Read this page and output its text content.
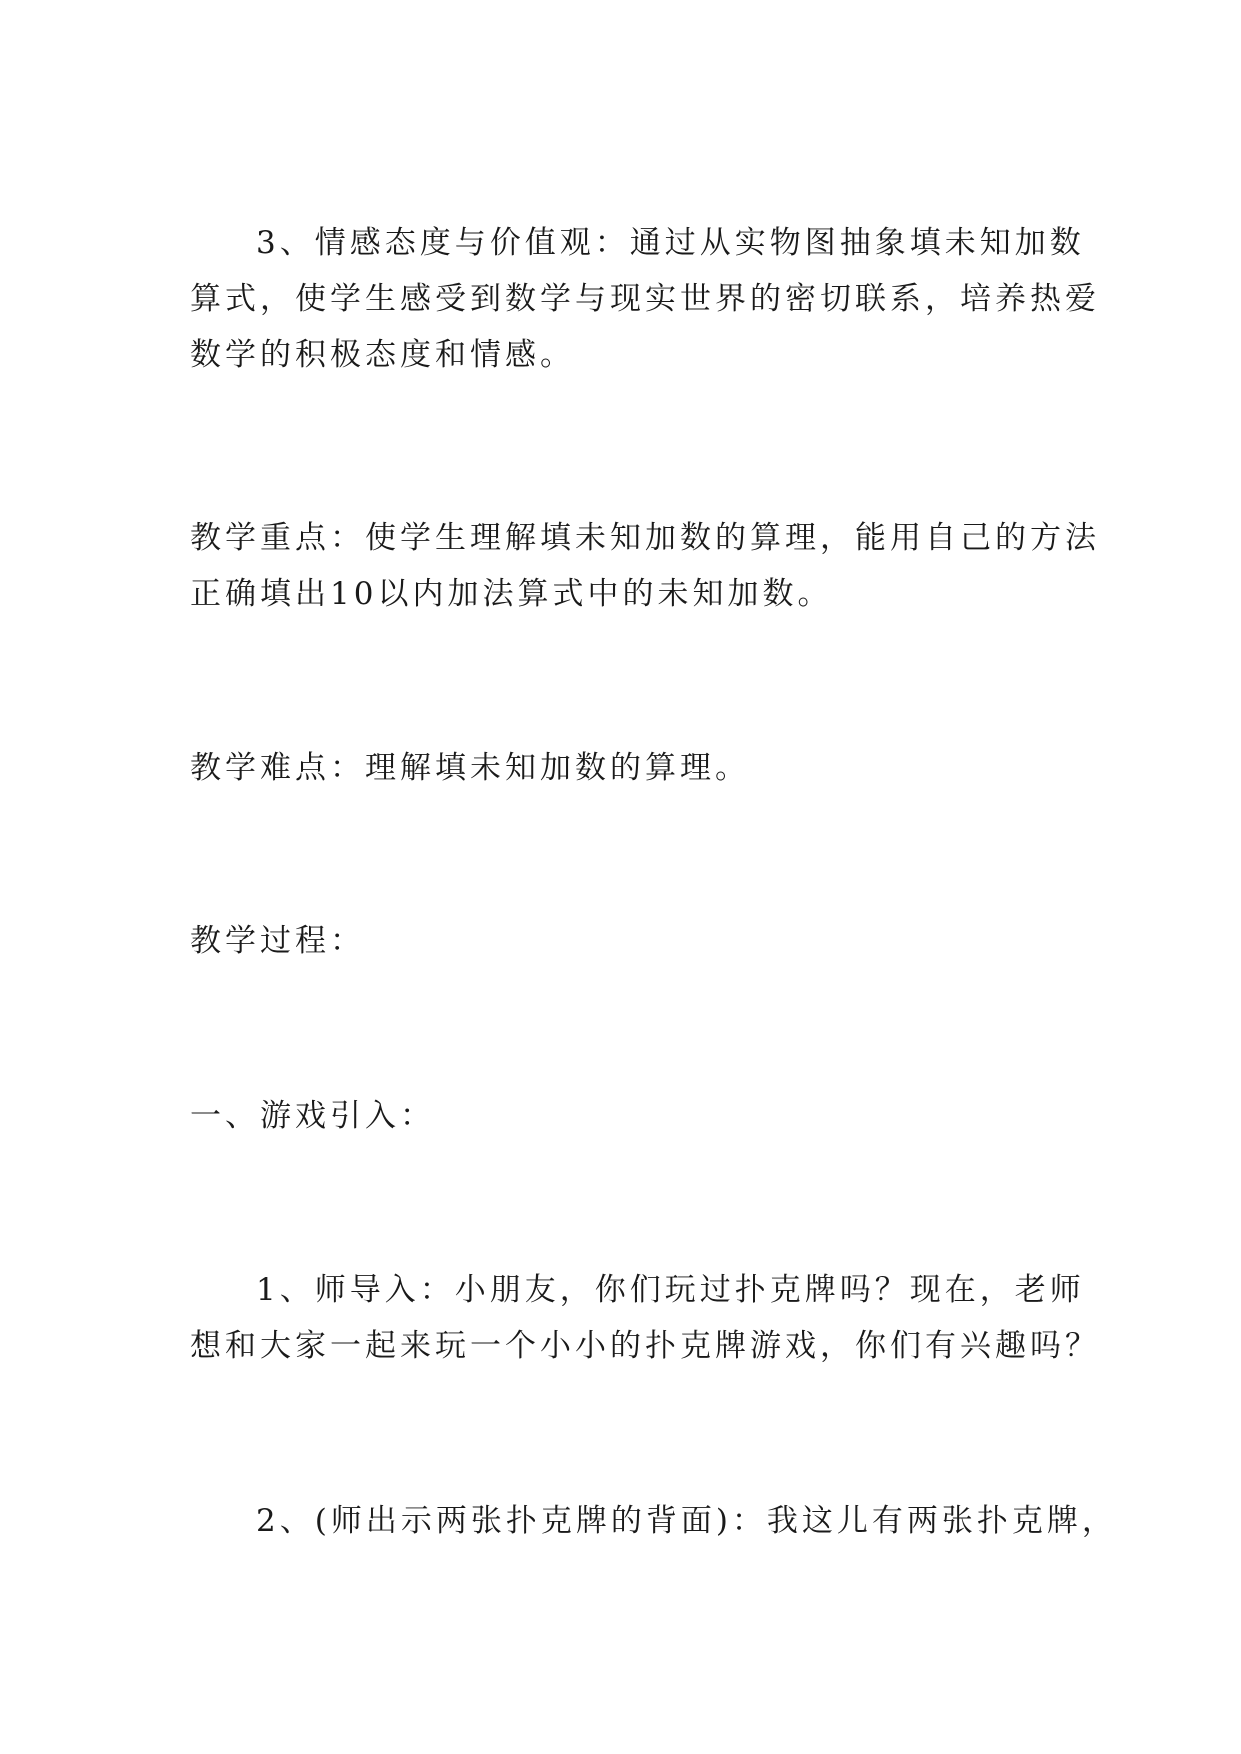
3、情感态度与价值观：通过从实物图抽象填未知加数
算式，使学生感受到数学与现实世界的密切联系，培养热爱
数学的积极态度和情感。
教学重点：使学生理解填未知加数的算理，能用自己的方法
正确填出10以内加法算式中的未知加数。
教学难点：理解填未知加数的算理。
教学过程：
一、游戏引入：
1、师导入：小朋友，你们玩过扑克牌吗？现在，老师
想和大家一起来玩一个小小的扑克牌游戏，你们有兴趣吗？
2、(师出示两张扑克牌的背面)：我这儿有两张扑克牌，
